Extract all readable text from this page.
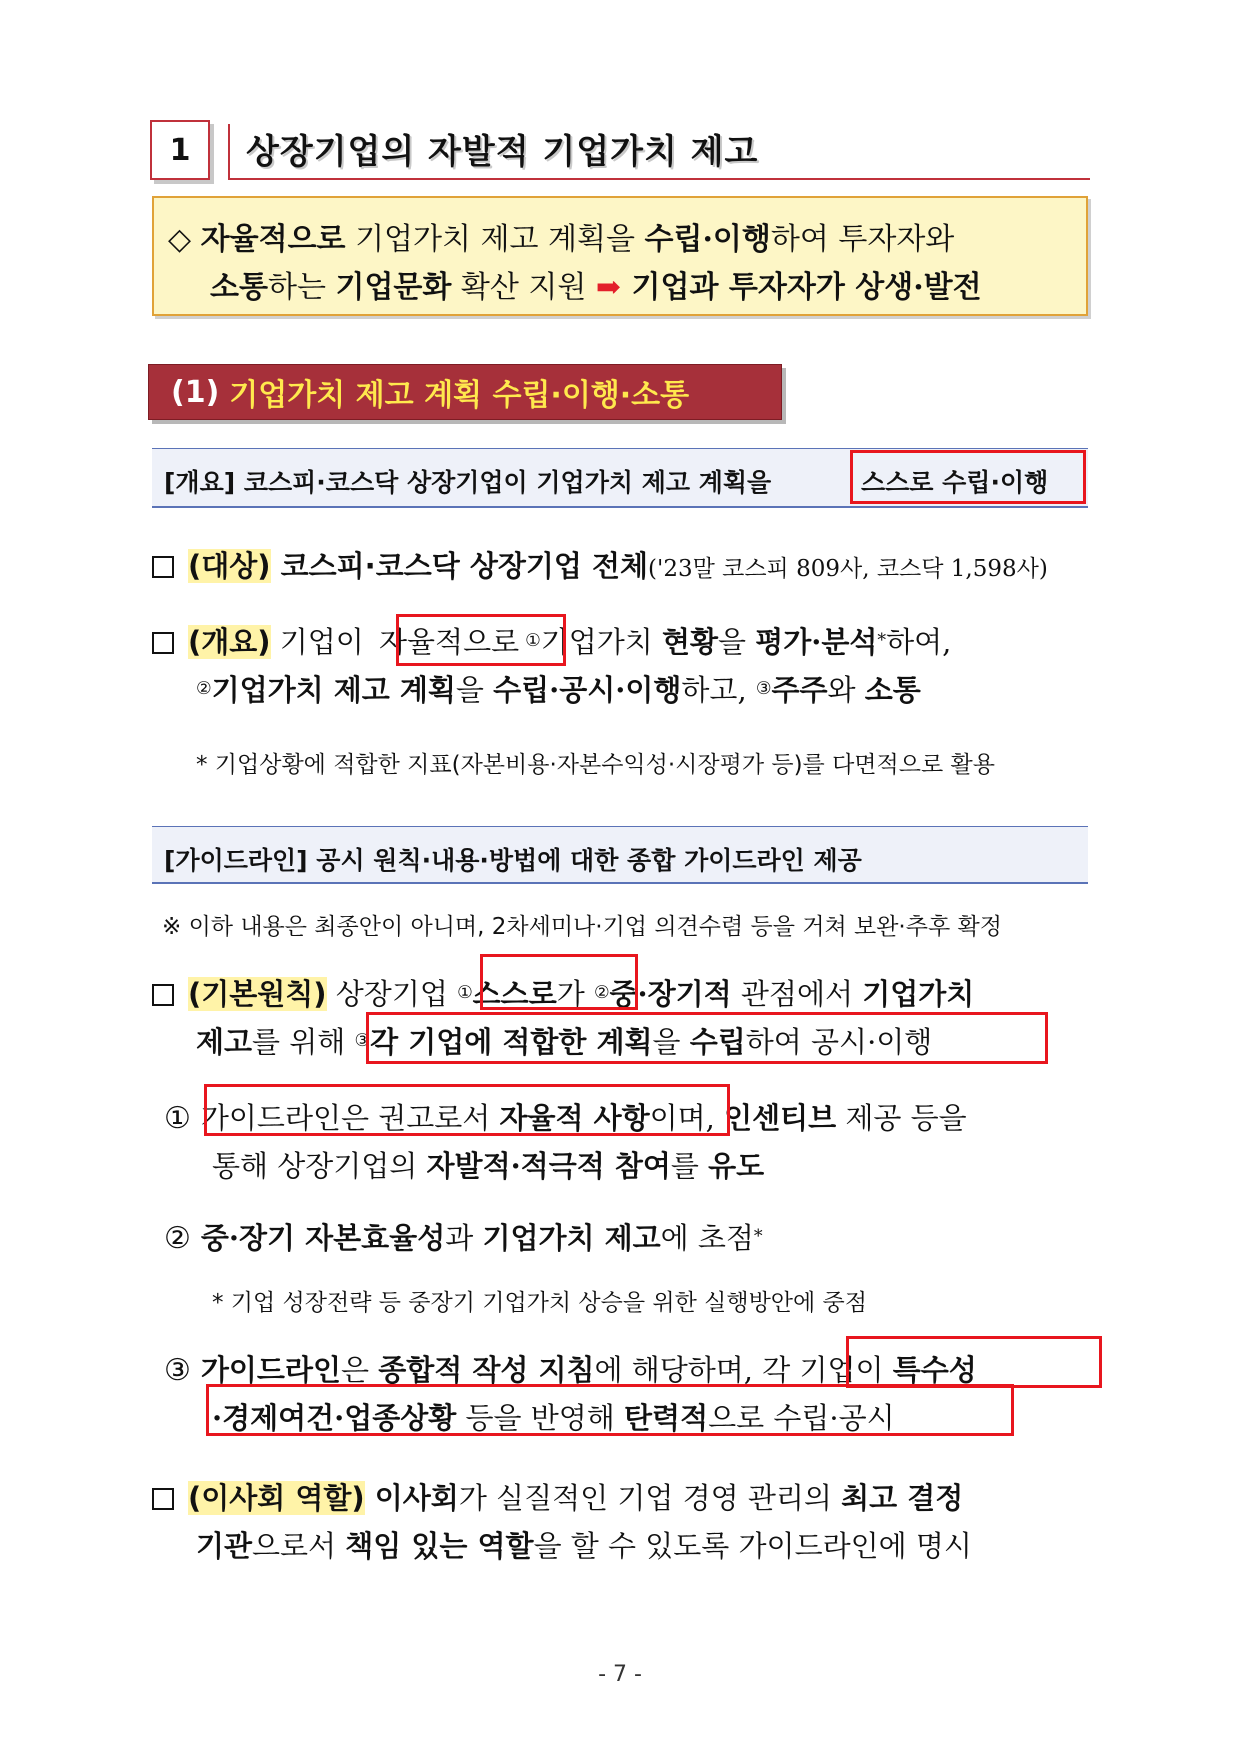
1 상장기업의 자발적 기업가치 제고
◇ 자율적으로 기업가치 제고 계획을 수립·이행하여 투자자와
소통하는 기업문화 확산 지원 ➡ 기업과 투자자가 상생·발전
(1) 기업가치 제고 계획 수립·이행·소통
[개요] 코스피·코스닥 상장기업이 기업가치 제고 계획을	스스로 수립·이행
(대상) 코스피·코스닥 상장기업 전체('23말 코스피 809사, 코스닥 1,598사)
(개요) 기업이 자율적으로 ①기업가치 현황을 평가·분석*하여,
②기업가치 제고 계획을 수립·공시·이행하고, ③주주와 소통
* 기업상황에 적합한 지표(자본비용·자본수익성·시장평가 등)를 다면적으로 활용
[가이드라인] 공시 원칙·내용·방법에 대한 종합 가이드라인 제공
※ 이하 내용은 최종안이 아니며, 2차세미나·기업 의견수렴 등을 거쳐 보완·추후 확정
(기본원칙) 상장기업 ①스스로가 ②중·장기적 관점에서 기업가치
제고를 위해 ③각 기업에 적합한 계획을 수립하여 공시·이행
① 가이드라인은 권고로서 자율적 사항이며, 인센티브 제공 등을
통해 상장기업의 자발적·적극적 참여를 유도
② 중·장기 자본효율성과 기업가치 제고에 초점*
* 기업 성장전략 등 중장기 기업가치 상승을 위한 실행방안에 중점
③ 가이드라인은 종합적 작성 지침에 해당하며, 각 기업이 특수성
·경제여건·업종상황 등을 반영해 탄력적으로 수립·공시
(이사회 역할) 이사회가 실질적인 기업 경영 관리의 최고 결정
기관으로서 책임 있는 역할을 할 수 있도록 가이드라인에 명시
- 7 -
